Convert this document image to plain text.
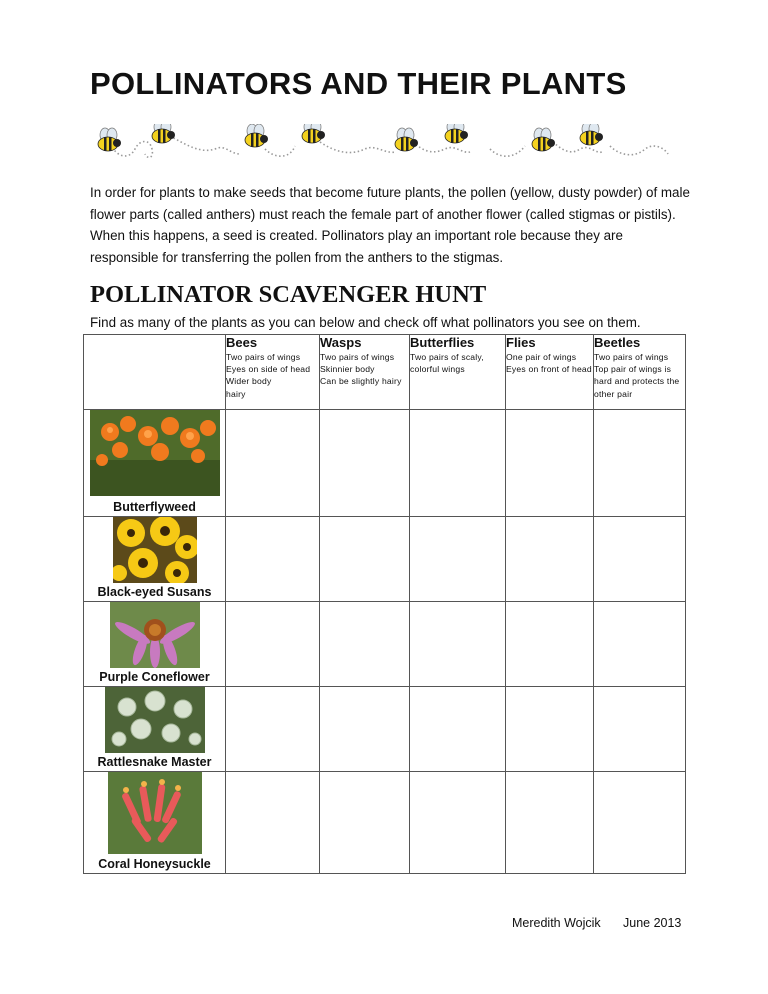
POLLINATORS AND THEIR PLANTS
In order for plants to make seeds that become future plants, the pollen (yellow, dusty powder) of male flower parts (called anthers) must reach the female part of another flower (called stigmas or pistils). When this happens, a seed is created. Pollinators play an important role because they are responsible for transferring the pollen from the anthers to the stigmas.
POLLINATOR SCAVENGER HUNT
Find as many of the plants as you can below and check off what pollinators you see on them.

	Bees
Two pairs of wings
Eyes on side of head
Wider body
hairy	Wasps
Two pairs of wings
Skinnier body
Can be slightly hairy	Butterflies
Two pairs of scaly, colorful wings	Flies
One pair of wings
Eyes on front of head	Beetles
Two pairs of wings
Top pair of wings is hard and protects the other pair

Butterflyweed					

Black-eyed Susans					

Purple Coneflower					

Rattlesnake Master					

Coral Honeysuckle					

Meredith Wojcik June 2013
